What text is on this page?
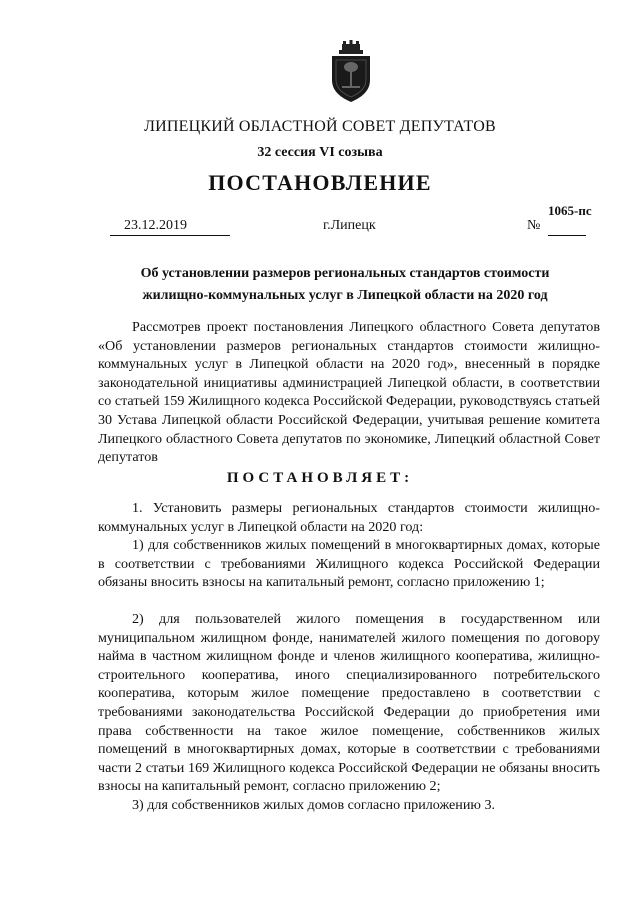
ЛИПЕЦКИЙ ОБЛАСТНОЙ СОВЕТ ДЕПУТАТОВ
32 сессия VI созыва
ПОСТАНОВЛЕНИЕ
23.12.2019	г.Липецк
1065-пс
№
Об установлении размеров региональных стандартов стоимости
жилищно-коммунальных услуг в Липецкой области на 2020 год

Рассмотрев проект постановления Липецкого областного Совета депутатов «Об установлении размеров региональных стандартов стоимости жилищно-коммунальных услуг в Липецкой области на 2020 год», внесенный в порядке законодательной инициативы администрацией Липецкой области, в соответствии со статьей 159 Жилищного кодекса Российской Федерации, руководствуясь статьей 30 Устава Липецкой области Российской Федерации, учитывая решение комитета Липецкого областного Совета депутатов по экономике, Липецкий областной Совет депутатов

ПОСТАНОВЛЯЕТ:

1. Установить размеры региональных стандартов стоимости жилищно-коммунальных услуг в Липецкой области на 2020 год:

1) для собственников жилых помещений в многоквартирных домах, которые в соответствии с требованиями Жилищного кодекса Российской Федерации обязаны вносить взносы на капитальный ремонт, согласно приложению 1;

2) для пользователей жилого помещения в государственном или муниципальном жилищном фонде, нанимателей жилого помещения по договору найма в частном жилищном фонде и членов жилищного кооператива, жилищно-строительного кооператива, иного специализированного потребительского кооператива, которым жилое помещение предоставлено в соответствии с требованиями законодательства Российской Федерации до приобретения ими права собственности на такое жилое помещение, собственников жилых помещений в многоквартирных домах, которые в соответствии с требованиями части 2 статьи 169 Жилищного кодекса Российской Федерации не обязаны вносить взносы на капитальный ремонт, согласно приложению 2;

3) для собственников жилых домов согласно приложению 3.
